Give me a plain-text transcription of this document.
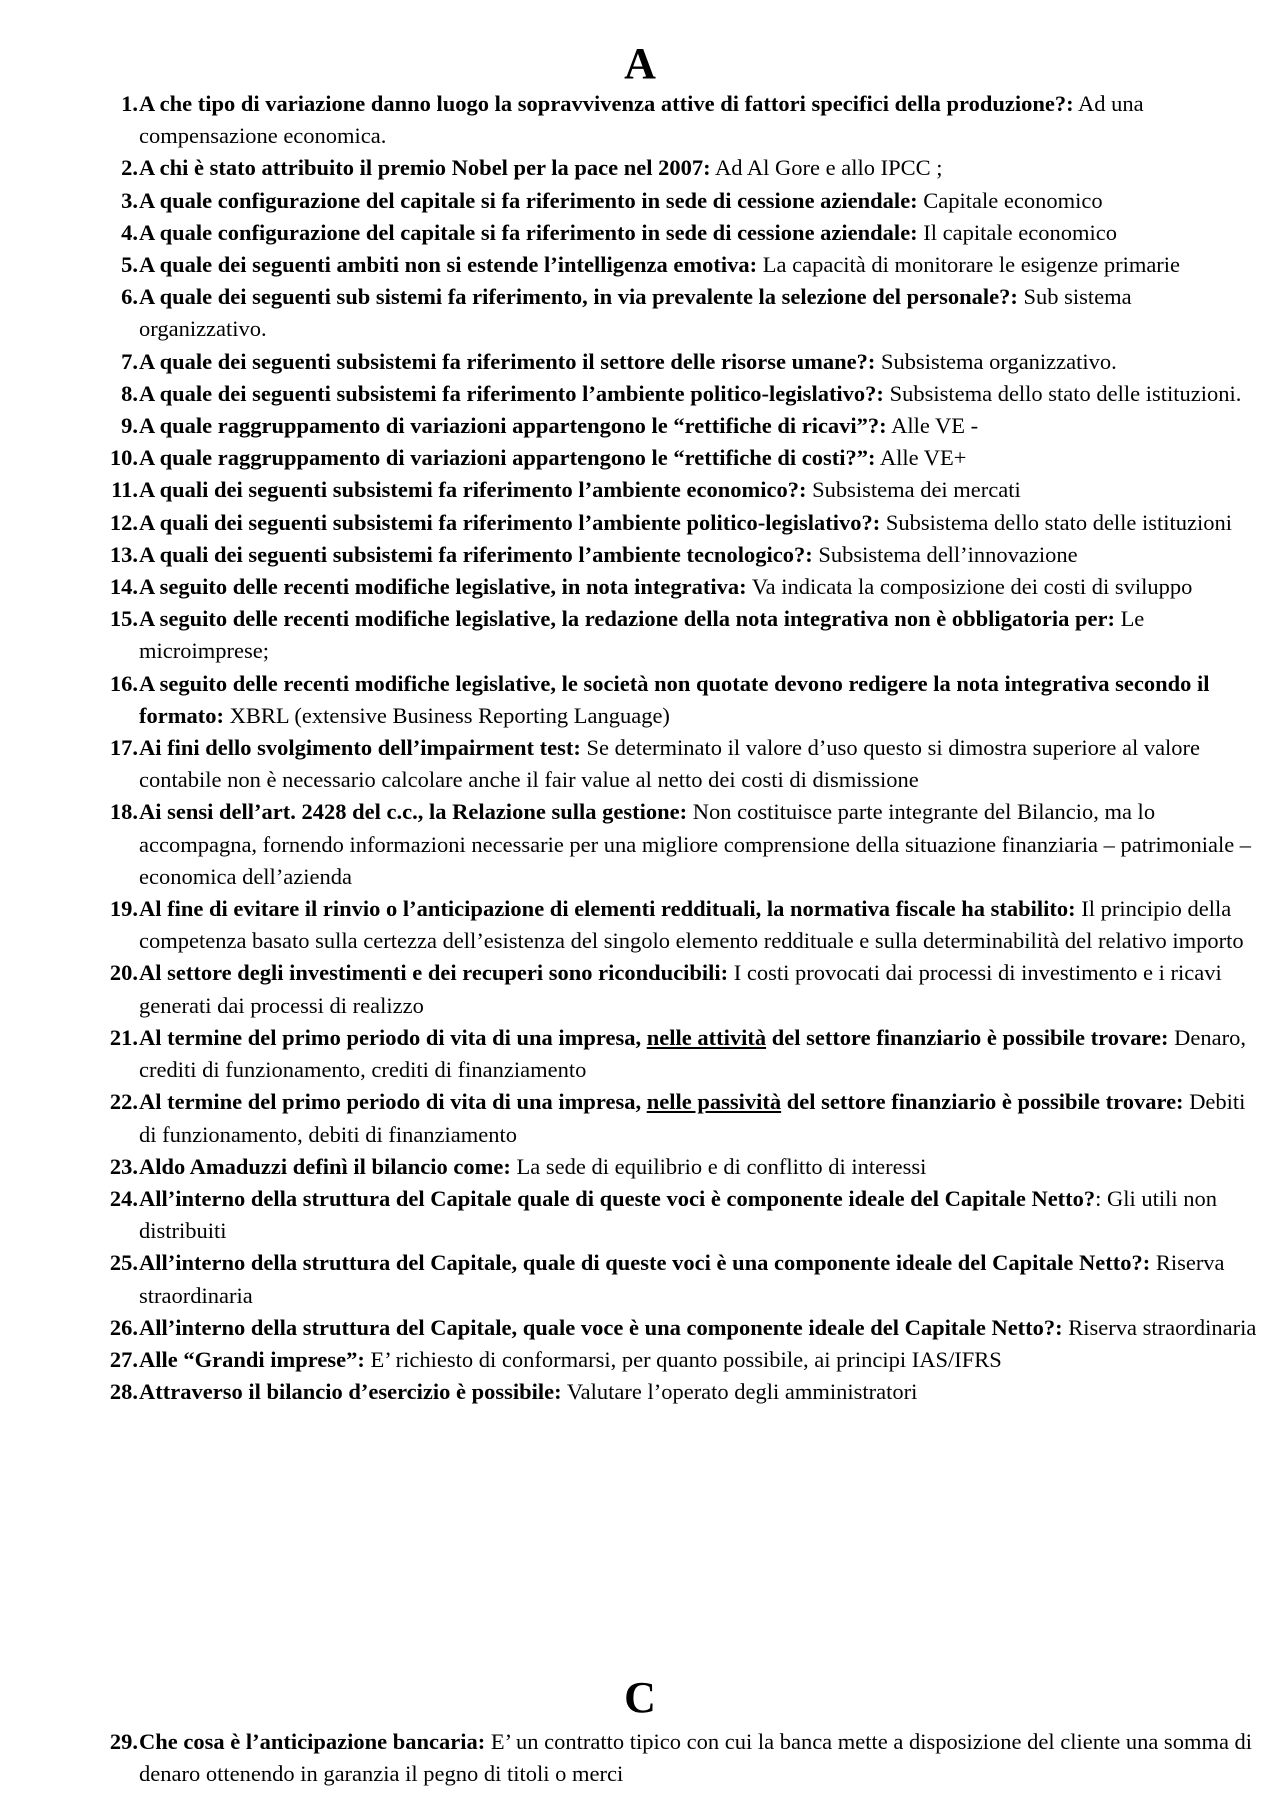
A
1. A che tipo di variazione danno luogo la sopravvivenza attive di fattori specifici della produzione?: Ad una compensazione economica.
2. A chi è stato attribuito il premio Nobel per la pace nel 2007: Ad Al Gore e allo IPCC ;
3. A quale configurazione del capitale si fa riferimento in sede di cessione aziendale: Capitale economico
4. A quale configurazione del capitale si fa riferimento in sede di cessione aziendale: Il capitale economico
5. A quale dei seguenti ambiti non si estende l’intelligenza emotiva: La capacità di monitorare le esigenze primarie
6. A quale dei seguenti sub sistemi fa riferimento, in via prevalente la selezione del personale?: Sub sistema organizzativo.
7. A quale dei seguenti subsistemi fa riferimento il settore delle risorse umane?: Subsistema organizzativo.
8. A quale dei seguenti subsistemi fa riferimento l’ambiente politico-legislativo?: Subsistema dello stato delle istituzioni.
9. A quale raggruppamento di variazioni appartengono le “rettifiche di ricavi”?: Alle VE -
10. A quale raggruppamento di variazioni appartengono le “rettifiche di costi?”: Alle VE+
11. A quali dei seguenti subsistemi fa riferimento l’ambiente economico?: Subsistema dei mercati
12. A quali dei seguenti subsistemi fa riferimento l’ambiente politico-legislativo?: Subsistema dello stato delle istituzioni
13. A quali dei seguenti subsistemi fa riferimento l’ambiente tecnologico?: Subsistema dell’innovazione
14. A seguito delle recenti modifiche legislative, in nota integrativa: Va indicata la composizione dei costi di sviluppo
15. A seguito delle recenti modifiche legislative, la redazione della nota integrativa non è obbligatoria per: Le microimprese;
16. A seguito delle recenti modifiche legislative, le società non quotate devono redigere la nota integrativa secondo il formato: XBRL (extensive Business Reporting Language)
17. Ai fini dello svolgimento dell’impairment test: Se determinato il valore d’uso questo si dimostra superiore al valore contabile non è necessario calcolare anche il fair value al netto dei costi di dismissione
18. Ai sensi dell’art. 2428 del c.c., la Relazione sulla gestione: Non costituisce parte integrante del Bilancio, ma lo accompagna, fornendo informazioni necessarie per una migliore comprensione della situazione finanziaria – patrimoniale – economica dell’azienda
19. Al fine di evitare il rinvio o l’anticipazione di elementi reddituali, la normativa fiscale ha stabilito: Il principio della competenza basato sulla certezza dell’esistenza del singolo elemento reddituale e sulla determinabilità del relativo importo
20. Al settore degli investimenti e dei recuperi sono riconducibili: I costi provocati dai processi di investimento e i ricavi generati dai processi di realizzo
21. Al termine del primo periodo di vita di una impresa, nelle attività del settore finanziario è possibile trovare: Denaro, crediti di funzionamento, crediti di finanziamento
22. Al termine del primo periodo di vita di una impresa, nelle passività del settore finanziario è possibile trovare: Debiti di funzionamento, debiti di finanziamento
23. Aldo Amaduzzi definì il bilancio come: La sede di equilibrio e di conflitto di interessi
24. All’interno della struttura del Capitale quale di queste voci è componente ideale del Capitale Netto?: Gli utili non distribuiti
25. All’interno della struttura del Capitale, quale di queste voci è una componente ideale del Capitale Netto?: Riserva straordinaria
26. All’interno della struttura del Capitale, quale voce è una componente ideale del Capitale Netto?: Riserva straordinaria
27. Alle “Grandi imprese”: E’ richiesto di conformarsi, per quanto possibile, ai principi IAS/IFRS
28. Attraverso il bilancio d’esercizio è possibile: Valutare l’operato degli amministratori
C
29. Che cosa è l’anticipazione bancaria: E’ un contratto tipico con cui la banca mette a disposizione del cliente una somma di denaro ottenendo in garanzia il pegno di titoli o merci
